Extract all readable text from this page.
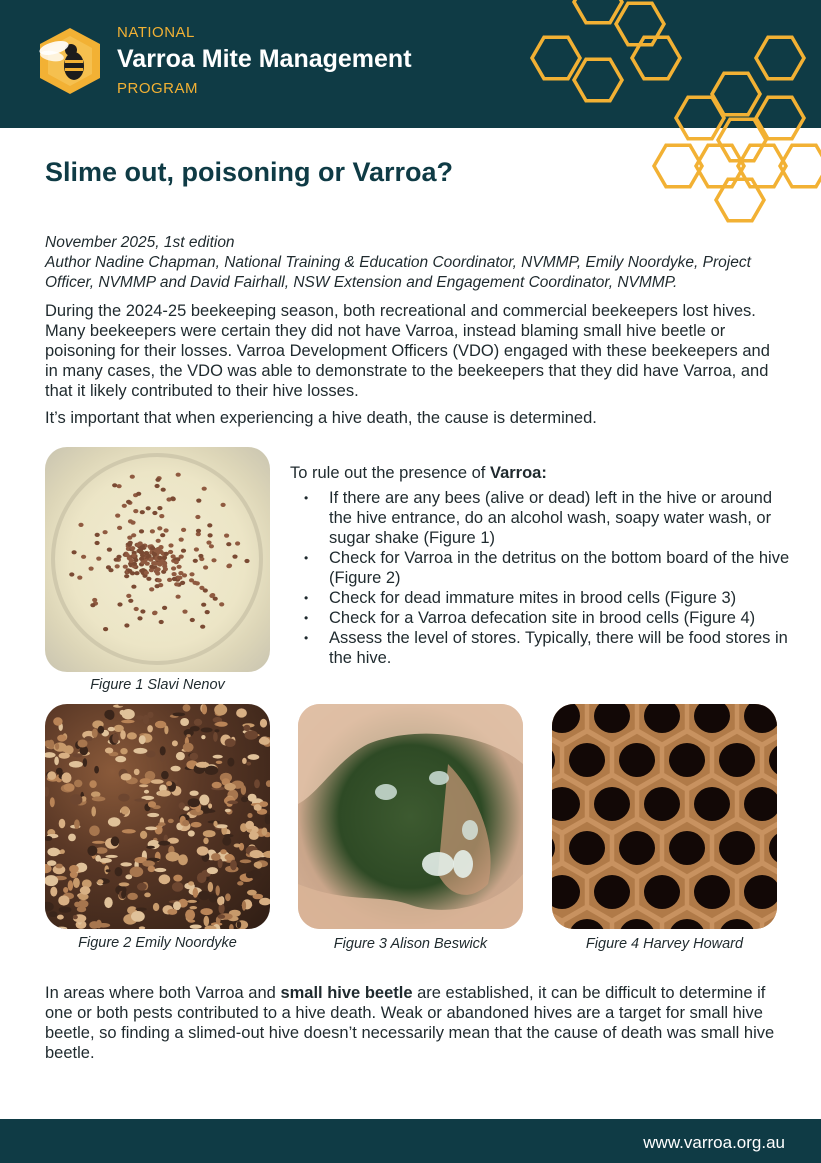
NATIONAL
Varroa Mite Management
PROGRAM
Slime out, poisoning or Varroa?
November 2025, 1st edition
Author Nadine Chapman, National Training & Education Coordinator, NVMMP, Emily Noordyke, Project Officer, NVMMP and David Fairhall, NSW Extension and Engagement Coordinator, NVMMP.
During the 2024-25 beekeeping season, both recreational and commercial beekeepers lost hives. Many beekeepers were certain they did not have Varroa, instead blaming small hive beetle or poisoning for their losses. Varroa Development Officers (VDO) engaged with these beekeepers and in many cases, the VDO was able to demonstrate to the beekeepers that they did have Varroa, and that it likely contributed to their hive losses.
It’s important that when experiencing a hive death, the cause is determined.
Figure 1 Slavi Nenov
To rule out the presence of Varroa:
• If there are any bees (alive or dead) left in the hive or around the hive entrance, do an alcohol wash, soapy water wash, or sugar shake (Figure 1)
• Check for Varroa in the detritus on the bottom board of the hive (Figure 2)
• Check for dead immature mites in brood cells (Figure 3)
• Check for a Varroa defecation site in brood cells (Figure 4)
• Assess the level of stores. Typically, there will be food stores in the hive.
Figure 2 Emily Noordyke	Figure 3 Alison Beswick	Figure 4 Harvey Howard
In areas where both Varroa and small hive beetle are established, it can be difficult to determine if one or both pests contributed to a hive death. Weak or abandoned hives are a target for small hive beetle, so finding a slimed-out hive doesn’t necessarily mean that the cause of death was small hive beetle.
www.varroa.org.au
